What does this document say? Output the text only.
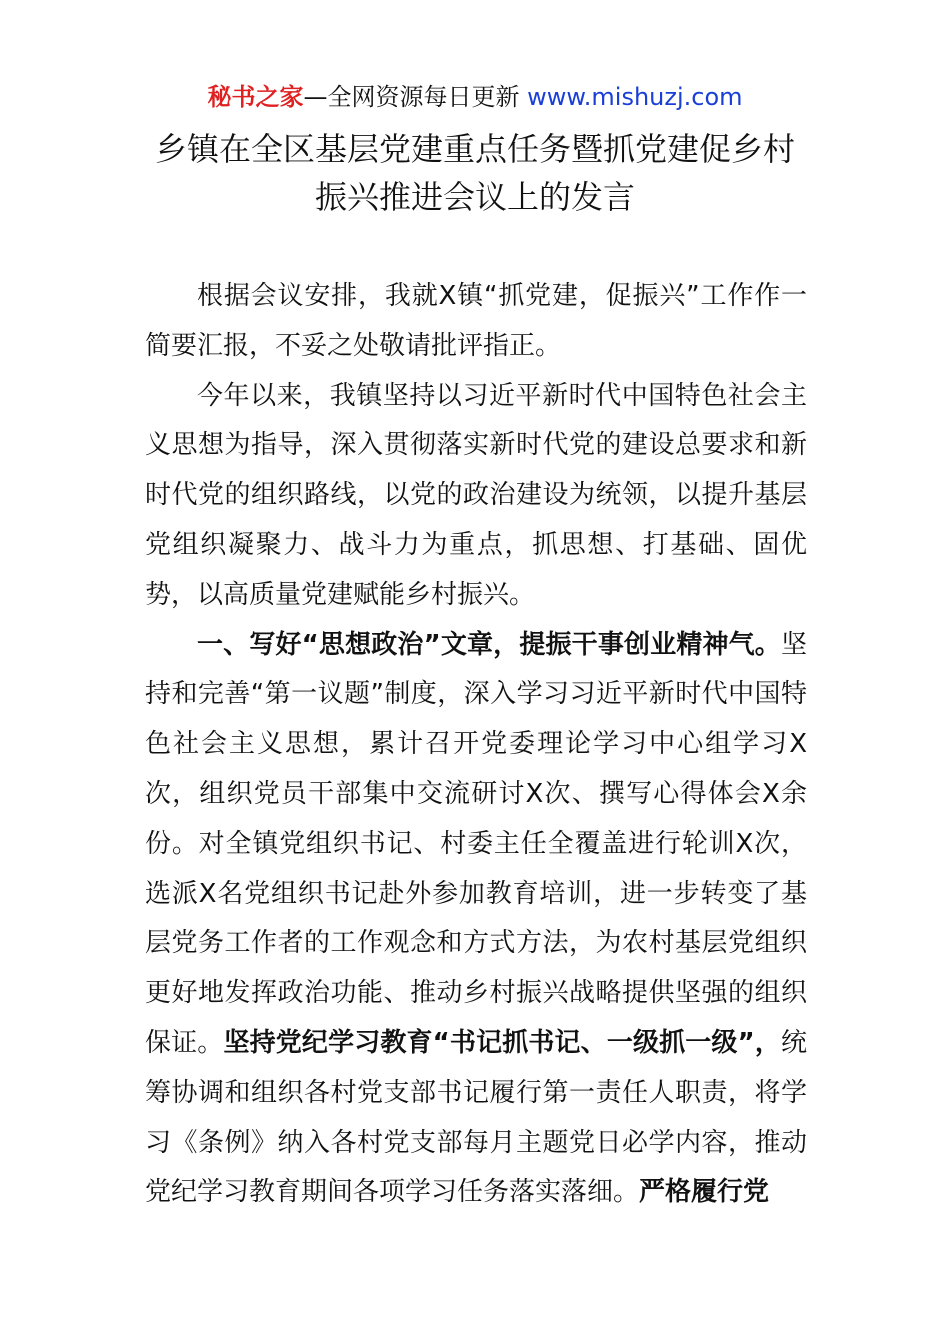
秘书之家—全网资源每日更新 www.mishuzj.com
乡镇在全区基层党建重点任务暨抓党建促乡村
振兴推进会议上的发言

根据会议安排，我就X镇“抓党建，促振兴”工作作一简要汇报，不妥之处敬请批评指正。

今年以来，我镇坚持以习近平新时代中国特色社会主义思想为指导，深入贯彻落实新时代党的建设总要求和新时代党的组织路线，以党的政治建设为统领，以提升基层党组织凝聚力、战斗力为重点，抓思想、打基础、固优势，以高质量党建赋能乡村振兴。

一、写好“思想政治”文章，提振干事创业精神气。坚持和完善“第一议题”制度，深入学习习近平新时代中国特色社会主义思想，累计召开党委理论学习中心组学习X次，组织党员干部集中交流研讨X次、撰写心得体会X余份。对全镇党组织书记、村委主任全覆盖进行轮训X次，选派X名党组织书记赴外参加教育培训，进一步转变了基层党务工作者的工作观念和方式方法，为农村基层党组织更好地发挥政治功能、推动乡村振兴战略提供坚强的组织保证。坚持党纪学习教育“书记抓书记、一级抓一级”，统筹协调和组织各村党支部书记履行第一责任人职责，将学习《条例》纳入各村党支部每月主题党日必学内容，推动党纪学习教育期间各项学习任务落实落细。严格履行党
